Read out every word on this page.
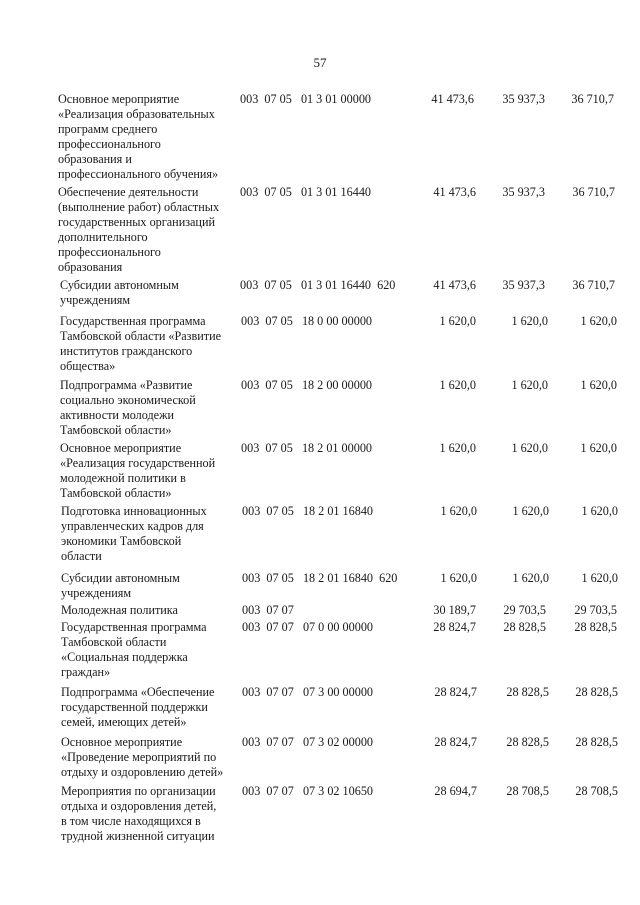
57
Основное мероприятие
«Реализация образовательных
программ среднего
профессионального
образования и
профессионального обучения»
003  07 05   01 3 01 00000	41 473,6	35 937,3	36 710,7
Обеспечение деятельности
(выполнение работ) областных
государственных организаций
дополнительного
профессионального
образования
003  07 05   01 3 01 16440	41 473,6	35 937,3	36 710,7
Субсидии автономным
учреждениям
003  07 05   01 3 01 16440  620	41 473,6	35 937,3	36 710,7
Государственная программа
Тамбовской области «Развитие
институтов гражданского
общества»
003  07 05   18 0 00 00000	1 620,0	1 620,0	1 620,0
Подпрограмма «Развитие
социально экономической
активности молодежи
Тамбовской области»
003  07 05   18 2 00 00000	1 620,0	1 620,0	1 620,0
Основное мероприятие
«Реализация государственной
молодежной политики в
Тамбовской области»
003  07 05   18 2 01 00000	1 620,0	1 620,0	1 620,0
Подготовка инновационных
управленческих кадров для
экономики Тамбовской
области
003  07 05   18 2 01 16840	1 620,0	1 620,0	1 620,0
Субсидии автономным
учреждениям
003  07 05   18 2 01 16840  620	1 620,0	1 620,0	1 620,0
Молодежная политика	003  07 07	30 189,7	29 703,5	29 703,5
Государственная программа
Тамбовской области
«Социальная поддержка
граждан»
003  07 07   07 0 00 00000	28 824,7	28 828,5	28 828,5
Подпрограмма «Обеспечение
государственной поддержки
семей, имеющих детей»
003  07 07   07 3 00 00000	28 824,7	28 828,5	28 828,5
Основное мероприятие
«Проведение мероприятий по
отдыху и оздоровлению детей»
003  07 07   07 3 02 00000	28 824,7	28 828,5	28 828,5
Мероприятия по организации
отдыха и оздоровления детей,
в том числе находящихся в
трудной жизненной ситуации
003  07 07   07 3 02 10650	28 694,7	28 708,5	28 708,5
